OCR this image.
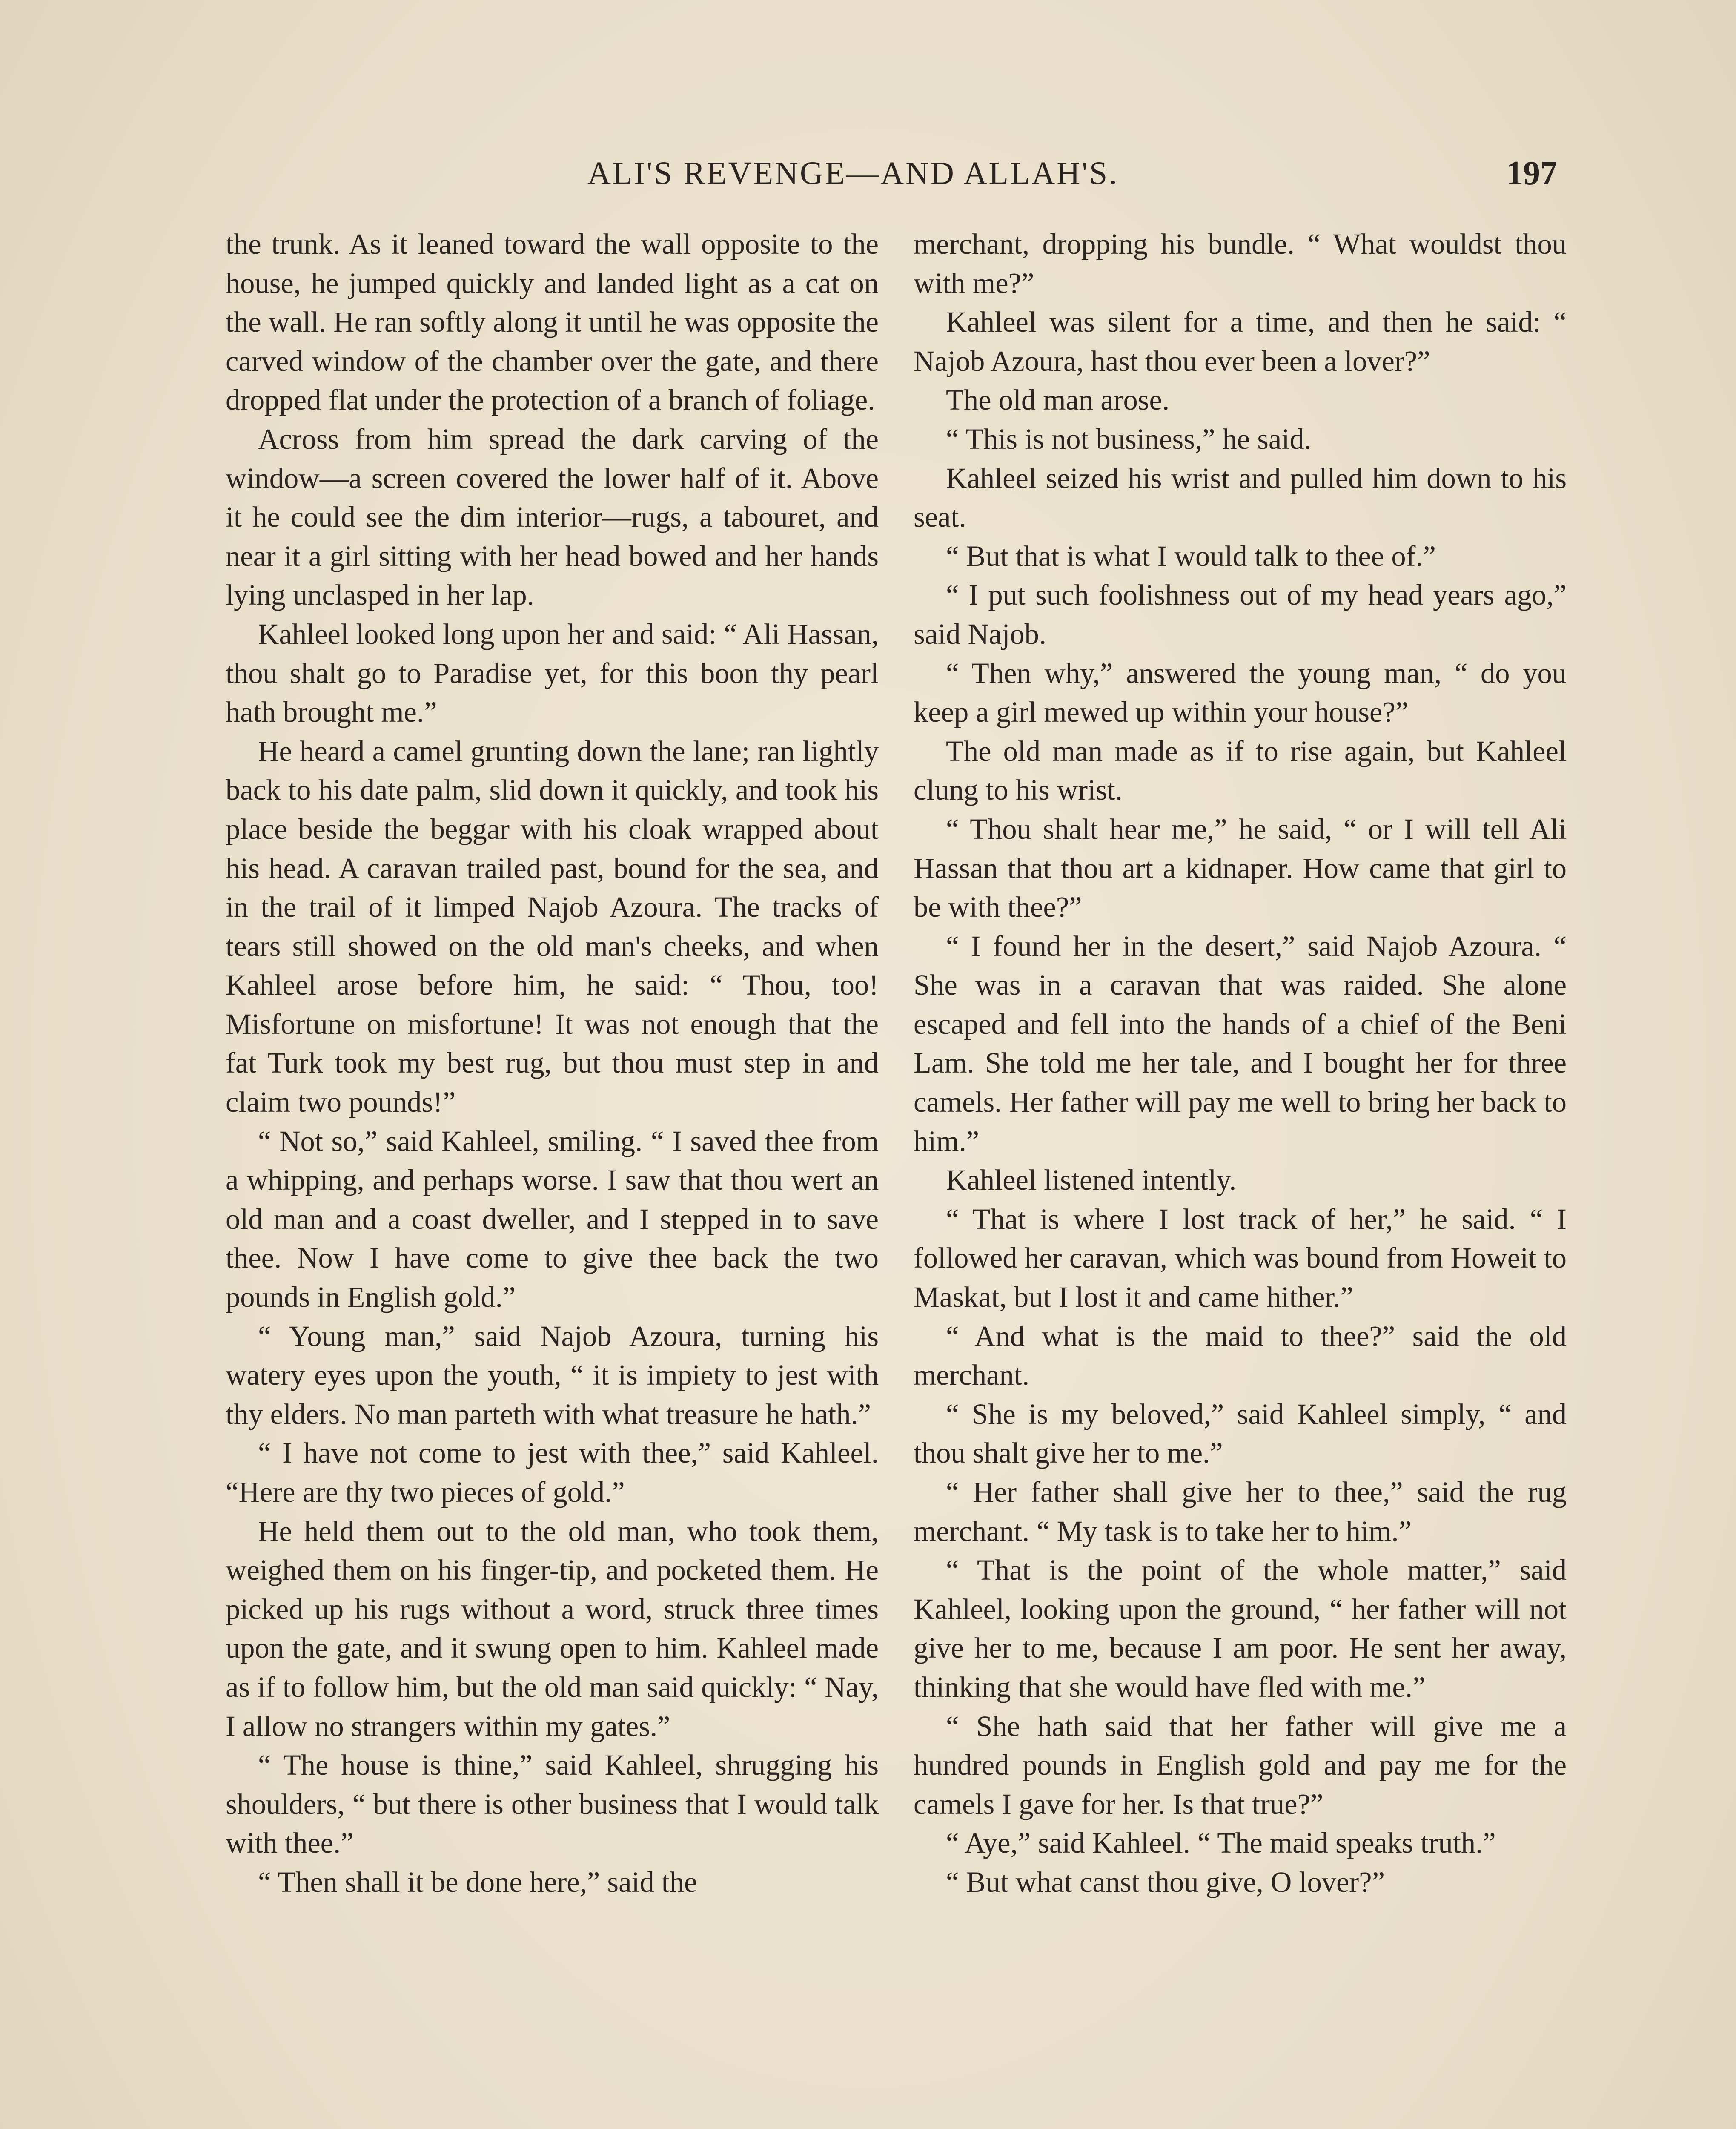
ALI'S REVENGE—AND ALLAH'S.	197

the trunk. As it leaned toward the wall opposite to the house, he jumped quickly and landed light as a cat on the wall. He ran softly along it until he was opposite the carved window of the chamber over the gate, and there dropped flat under the protection of a branch of foliage.

Across from him spread the dark carving of the window—a screen covered the lower half of it. Above it he could see the dim interior—rugs, a tabouret, and near it a girl sitting with her head bowed and her hands lying unclasped in her lap.

Kahleel looked long upon her and said: “ Ali Hassan, thou shalt go to Paradise yet, for this boon thy pearl hath brought me.”

He heard a camel grunting down the lane; ran lightly back to his date palm, slid down it quickly, and took his place beside the beggar with his cloak wrapped about his head. A caravan trailed past, bound for the sea, and in the trail of it limped Najob Azoura. The tracks of tears still showed on the old man's cheeks, and when Kahleel arose before him, he said: “ Thou, too! Misfortune on misfortune! It was not enough that the fat Turk took my best rug, but thou must step in and claim two pounds!”

“ Not so,” said Kahleel, smiling. “ I saved thee from a whipping, and perhaps worse. I saw that thou wert an old man and a coast dweller, and I stepped in to save thee. Now I have come to give thee back the two pounds in English gold.”

“ Young man,” said Najob Azoura, turning his watery eyes upon the youth, “ it is impiety to jest with thy elders. No man parteth with what treasure he hath.”

“ I have not come to jest with thee,” said Kahleel. “Here are thy two pieces of gold.”

He held them out to the old man, who took them, weighed them on his finger-tip, and pocketed them. He picked up his rugs without a word, struck three times upon the gate, and it swung open to him. Kahleel made as if to follow him, but the old man said quickly: “ Nay, I allow no strangers within my gates.”

“ The house is thine,” said Kahleel, shrugging his shoulders, “ but there is other business that I would talk with thee.”

“ Then shall it be done here,” said the

merchant, dropping his bundle. “ What wouldst thou with me?”

Kahleel was silent for a time, and then he said: “ Najob Azoura, hast thou ever been a lover?”

The old man arose.

“ This is not business,” he said.

Kahleel seized his wrist and pulled him down to his seat.

“ But that is what I would talk to thee of.”

“ I put such foolishness out of my head years ago,” said Najob.

“ Then why,” answered the young man, “ do you keep a girl mewed up within your house?”

The old man made as if to rise again, but Kahleel clung to his wrist.

“ Thou shalt hear me,” he said, “ or I will tell Ali Hassan that thou art a kidnaper. How came that girl to be with thee?”

“ I found her in the desert,” said Najob Azoura. “ She was in a caravan that was raided. She alone escaped and fell into the hands of a chief of the Beni Lam. She told me her tale, and I bought her for three camels. Her father will pay me well to bring her back to him.”

Kahleel listened intently.

“ That is where I lost track of her,” he said. “ I followed her caravan, which was bound from Howeit to Maskat, but I lost it and came hither.”

“ And what is the maid to thee?” said the old merchant.

“ She is my beloved,” said Kahleel simply, “ and thou shalt give her to me.”

“ Her father shall give her to thee,” said the rug merchant. “ My task is to take her to him.”

“ That is the point of the whole matter,” said Kahleel, looking upon the ground, “ her father will not give her to me, because I am poor. He sent her away, thinking that she would have fled with me.”

“ She hath said that her father will give me a hundred pounds in English gold and pay me for the camels I gave for her. Is that true?”

“ Aye,” said Kahleel. “ The maid speaks truth.”

“ But what canst thou give, O lover?”
